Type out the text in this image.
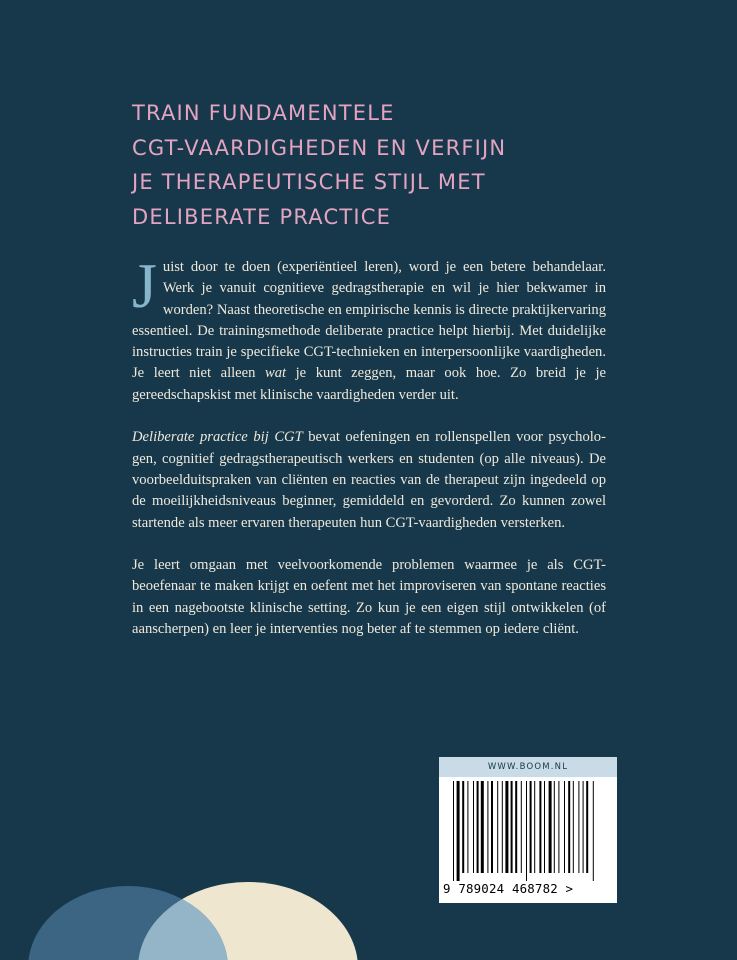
TRAIN FUNDAMENTELE
CGT-VAARDIGHEDEN EN VERFIJN
JE THERAPEUTISCHE STIJL MET
DELIBERATE PRACTICE

Juist door te doen (experiëntieel leren), word je een betere behandelaar. Werk je vanuit cognitieve gedragstherapie en wil je hier bekwamer in worden? Naast theoretische en empirische kennis is directe praktijkervaring essentieel. De trainingsmethode deliberate practice helpt hierbij. Met duidelijke instructies train je specifieke CGT-technieken en interpersoonlijke vaardigheden. Je leert niet alleen wat je kunt zeggen, maar ook hoe. Zo breid je je gereedschapskist met klinische vaardigheden verder uit.

Deliberate practice bij CGT bevat oefeningen en rollenspellen voor psychologen, cognitief gedragstherapeutisch werkers en studenten (op alle niveaus). De voorbeelduitspraken van cliënten en reacties van de therapeut zijn ingedeeld op de moeilijkheidsniveaus beginner, gemiddeld en gevorderd. Zo kunnen zowel startende als meer ervaren therapeuten hun CGT-vaardigheden versterken.

Je leert omgaan met veelvoorkomende problemen waarmee je als CGT-beoefenaar te maken krijgt en oefent met het improviseren van spontane reacties in een nagebootste klinische setting. Zo kun je een eigen stijl ontwikkelen (of aanscherpen) en leer je interventies nog beter af te stemmen op iedere cliënt.

WWW.BOOM.NL
9 789024 468782 >
